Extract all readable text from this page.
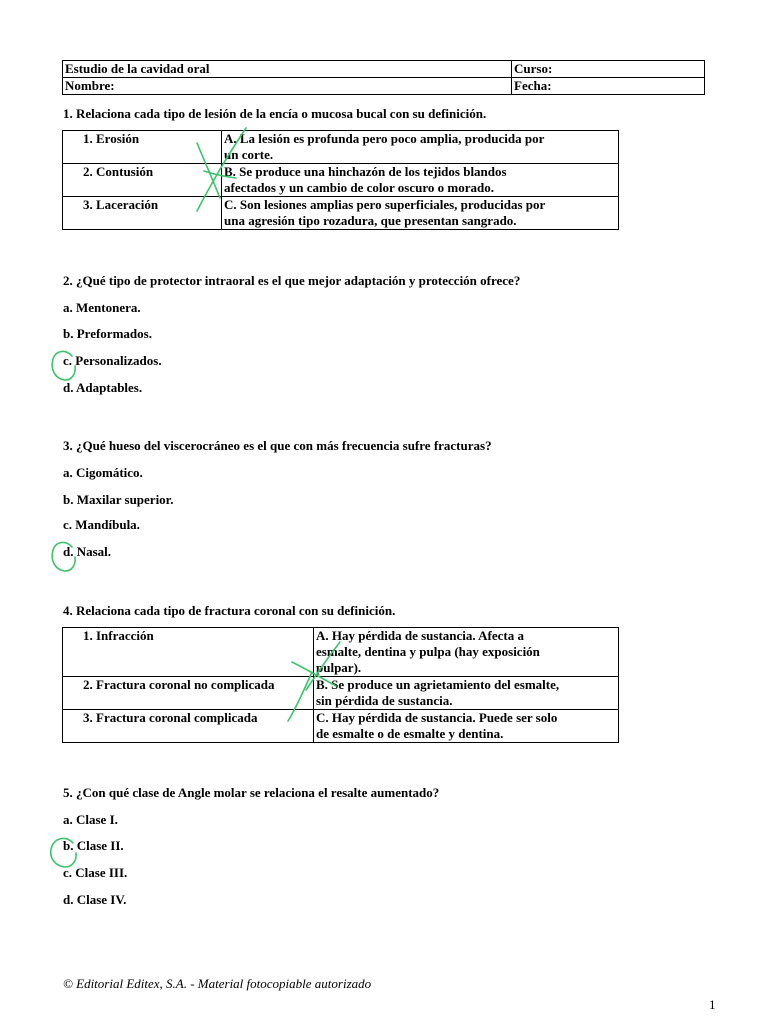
Estudio de la cavidad oral	Curso:
Nombre:	Fecha:
1. Relaciona cada tipo de lesión de la encía o mucosa bucal con su definición.
1. Erosión	A. La lesión es profunda pero poco amplia, producida por
un corte.

2. Contusión	B. Se produce una hinchazón de los tejidos blandos
afectados y un cambio de color oscuro o morado.

3. Laceración	C. Son lesiones amplias pero superficiales, producidas por
una agresión tipo rozadura, que presentan sangrado.
2. ¿Qué tipo de protector intraoral es el que mejor adaptación y protección ofrece?
a. Mentonera.
b. Preformados.
c. Personalizados.
d. Adaptables.
3. ¿Qué hueso del viscerocráneo es el que con más frecuencia sufre fracturas?
a. Cigomático.
b. Maxilar superior.
c. Mandíbula.
d. Nasal.
4. Relaciona cada tipo de fractura coronal con su definición.
1. Infracción	A. Hay pérdida de sustancia. Afecta a
esmalte, dentina y pulpa (hay exposición
pulpar).

2. Fractura coronal no complicada	B. Se produce un agrietamiento del esmalte,
sin pérdida de sustancia.

3. Fractura coronal complicada	C. Hay pérdida de sustancia. Puede ser solo
de esmalte o de esmalte y dentina.
5. ¿Con qué clase de Angle molar se relaciona el resalte aumentado?
a. Clase I.
b. Clase II.
c. Clase III.
d. Clase IV.
© Editorial Editex, S.A. - Material fotocopiable autorizado
1
